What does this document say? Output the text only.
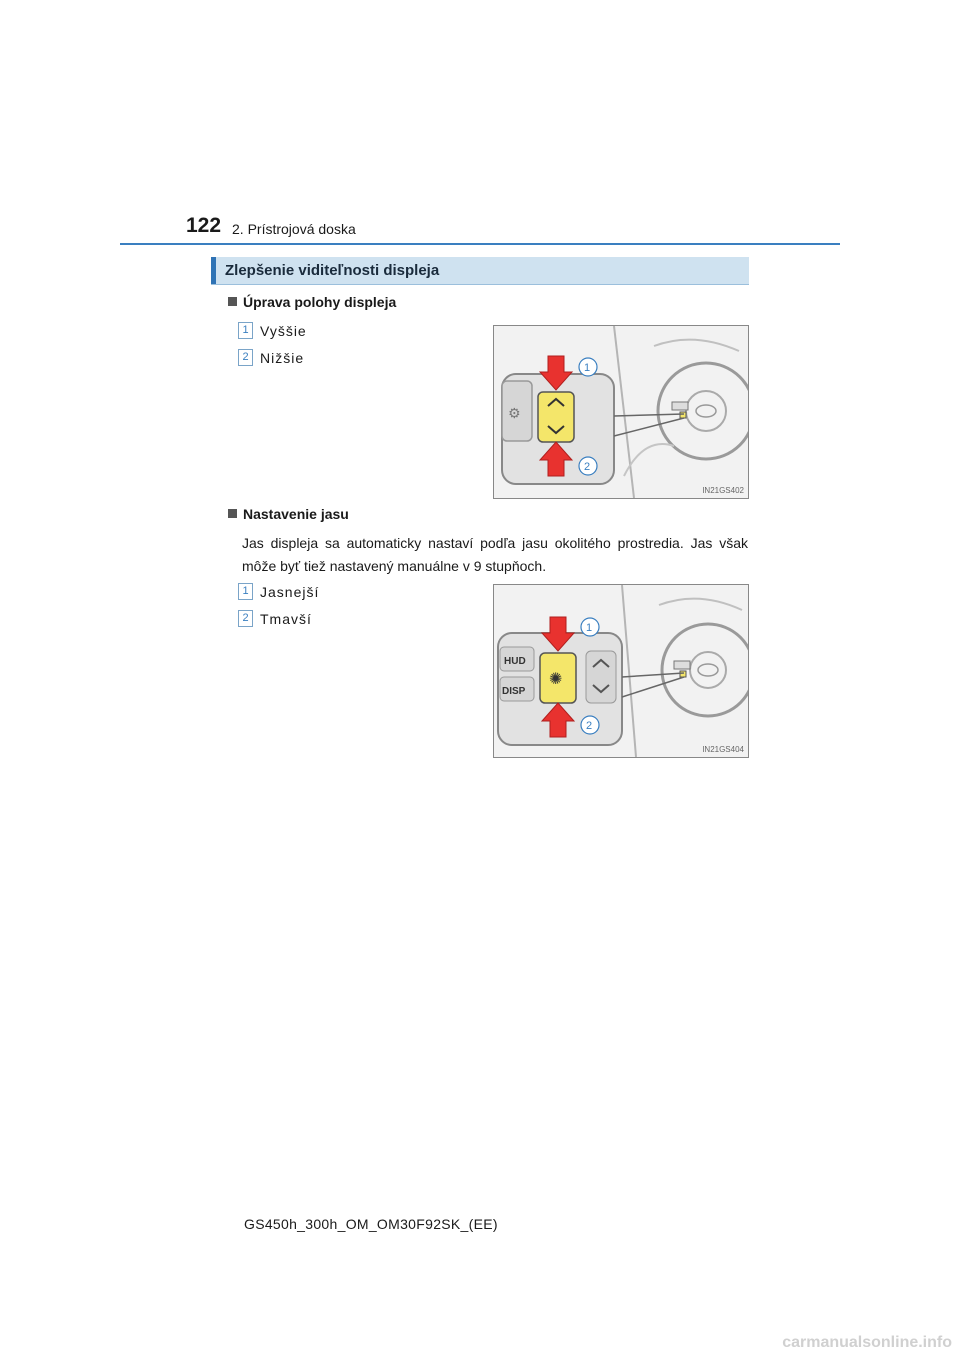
122 2. Prístrojová doska
Zlepšenie viditeľnosti displeja
Úprava polohy displeja
1 Vyššie
2 Nižšie
⚙
1
2
IN21GS402
Nastavenie jasu
Jas displeja sa automaticky nastaví podľa jasu okolitého prostredia. Jas však môže byť tiež nastavený manuálne v 9 stupňoch.
1 Jasnejší
2 Tmavší
HUD
DISP
✺
1
2
IN21GS404
GS450h_300h_OM_OM30F92SK_(EE)
carmanualsonline.info
